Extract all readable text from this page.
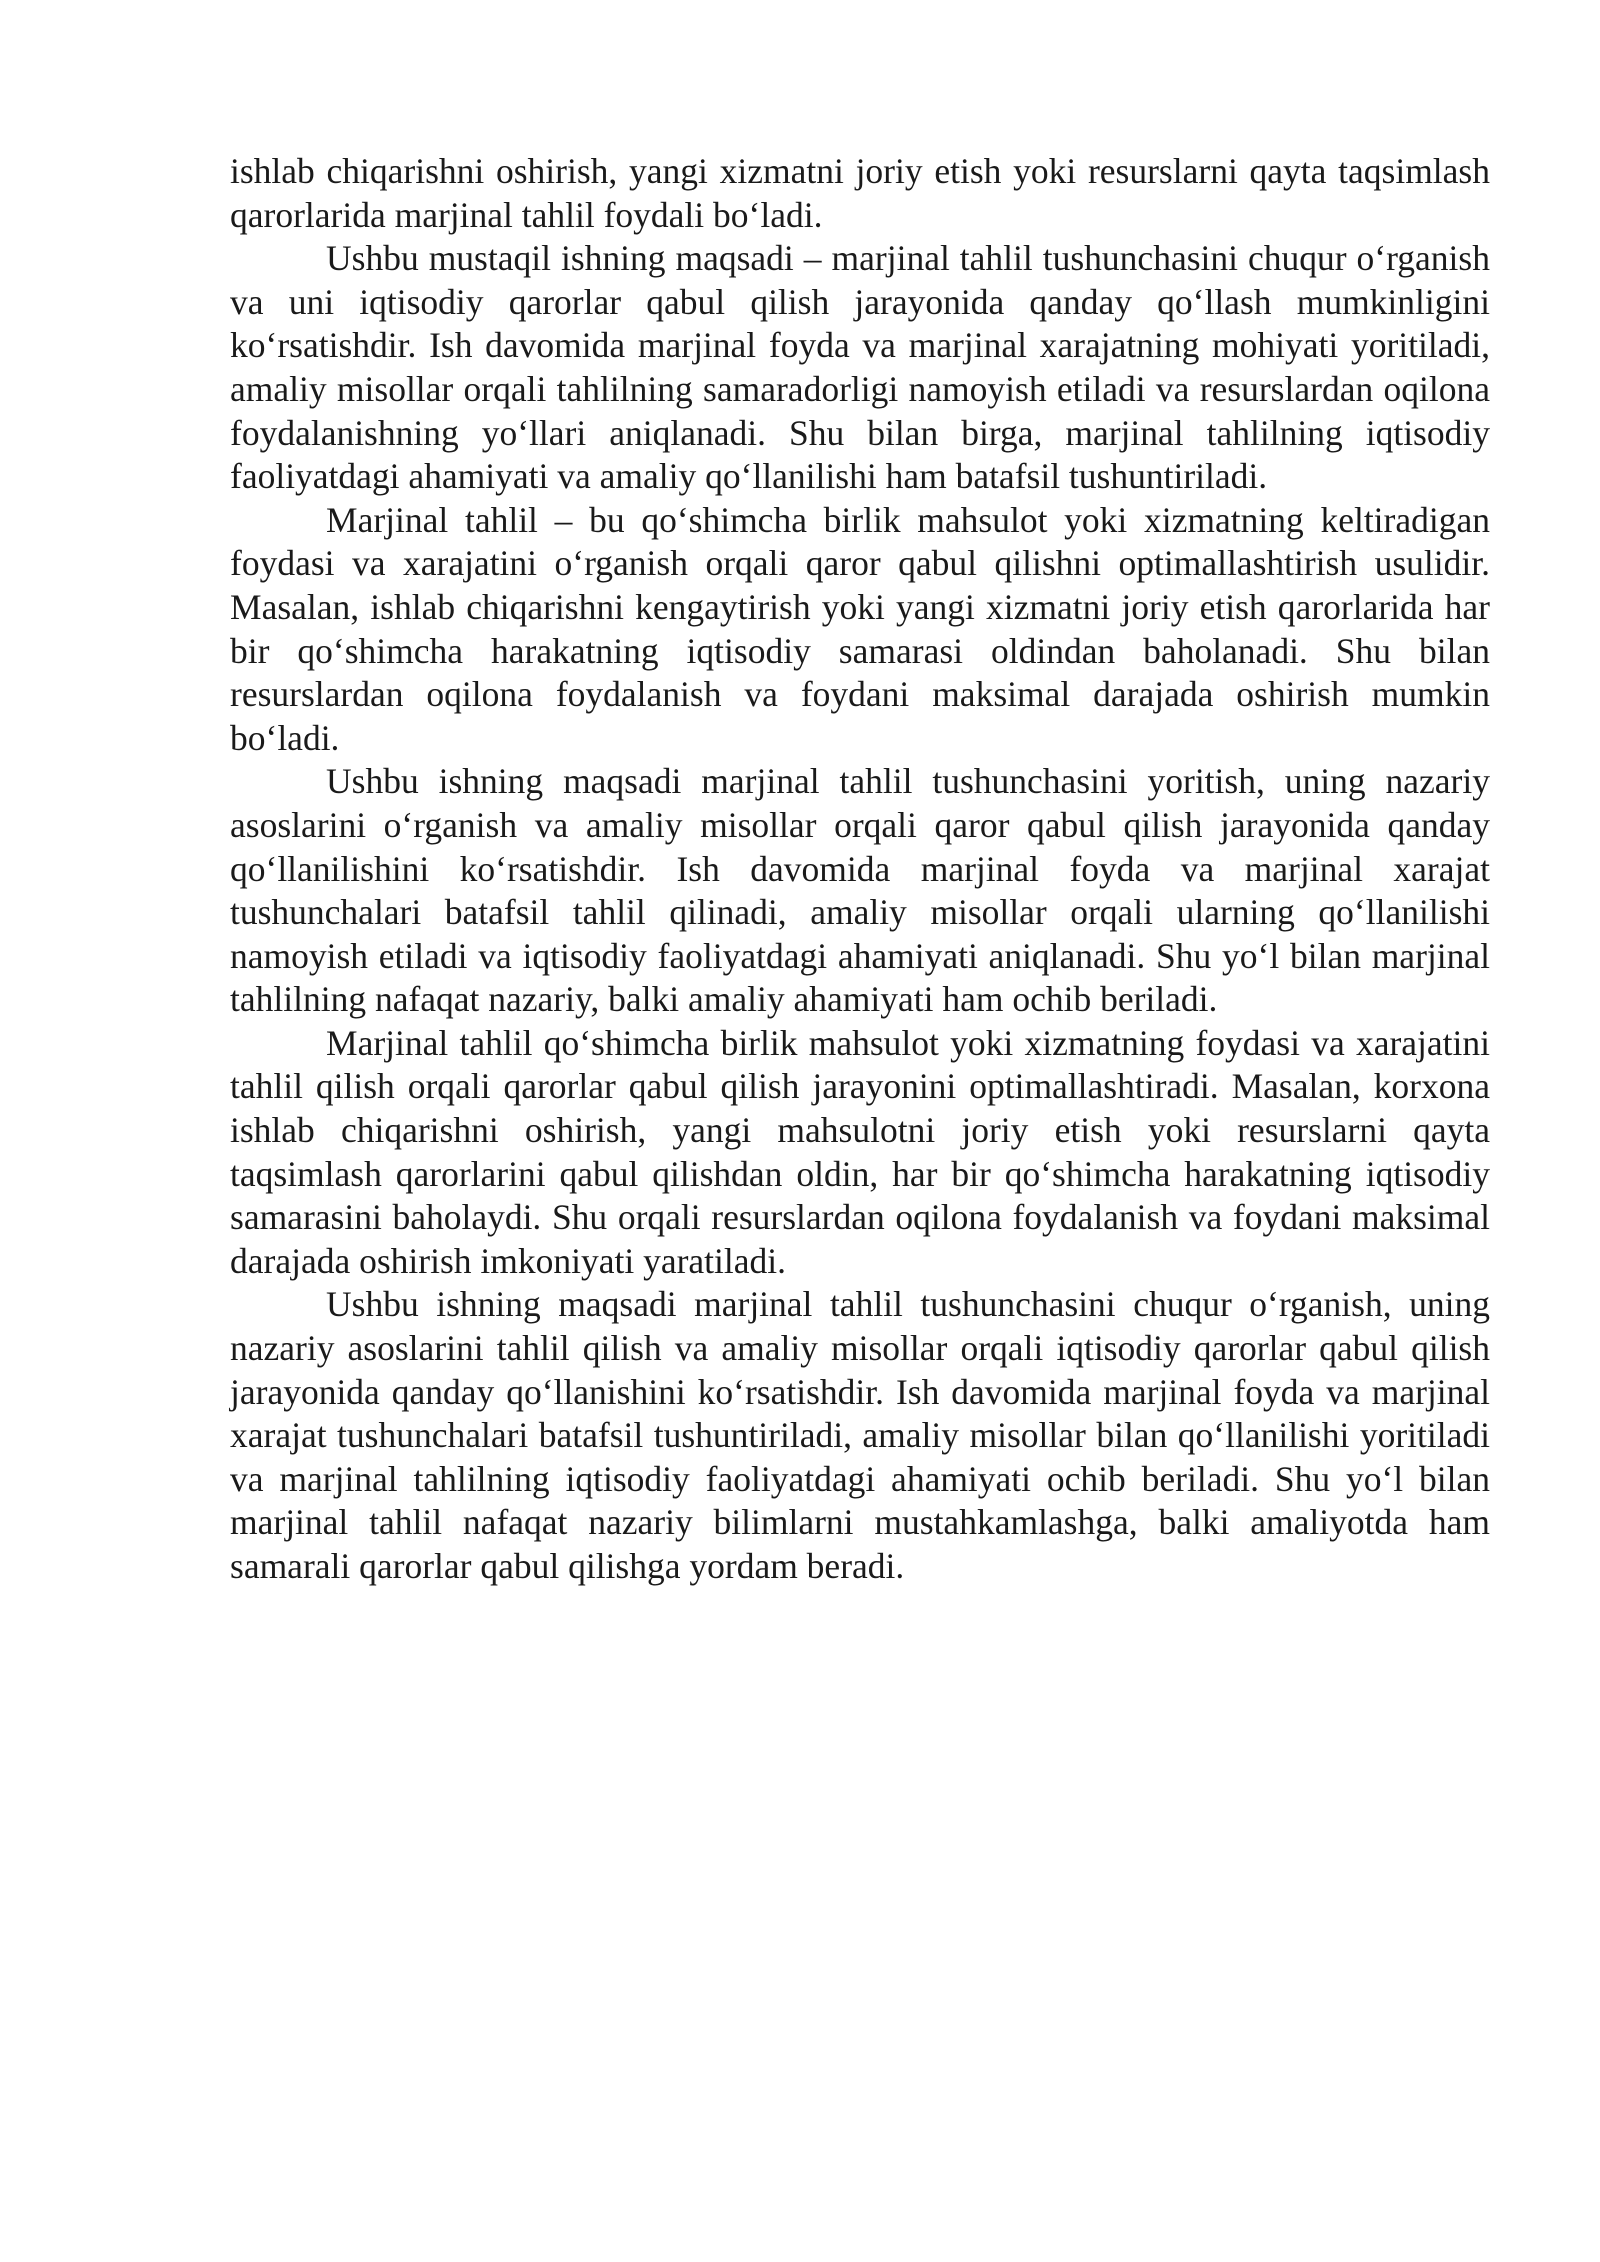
ishlab chiqarishni oshirish, yangi xizmatni joriy etish yoki resurslarni qayta taqsimlash qarorlarida marjinal tahlil foydali bo‘ladi.

Ushbu mustaqil ishning maqsadi – marjinal tahlil tushunchasini chuqur o‘rganish va uni iqtisodiy qarorlar qabul qilish jarayonida qanday qo‘llash mumkinligini ko‘rsatishdir. Ish davomida marjinal foyda va marjinal xarajatning mohiyati yoritiladi, amaliy misollar orqali tahlilning samaradorligi namoyish etiladi va resurslardan oqilona foydalanishning yo‘llari aniqlanadi. Shu bilan birga, marjinal tahlilning iqtisodiy faoliyatdagi ahamiyati va amaliy qo‘llanilishi ham batafsil tushuntiriladi.

Marjinal tahlil – bu qo‘shimcha birlik mahsulot yoki xizmatning keltiradigan foydasi va xarajatini o‘rganish orqali qaror qabul qilishni optimallashtirish usulidir. Masalan, ishlab chiqarishni kengaytirish yoki yangi xizmatni joriy etish qarorlarida har bir qo‘shimcha harakatning iqtisodiy samarasi oldindan baholanadi. Shu bilan resurslardan oqilona foydalanish va foydani maksimal darajada oshirish mumkin bo‘ladi.

Ushbu ishning maqsadi marjinal tahlil tushunchasini yoritish, uning nazariy asoslarini o‘rganish va amaliy misollar orqali qaror qabul qilish jarayonida qanday qo‘llanilishini ko‘rsatishdir. Ish davomida marjinal foyda va marjinal xarajat tushunchalari batafsil tahlil qilinadi, amaliy misollar orqali ularning qo‘llanilishi namoyish etiladi va iqtisodiy faoliyatdagi ahamiyati aniqlanadi. Shu yo‘l bilan marjinal tahlilning nafaqat nazariy, balki amaliy ahamiyati ham ochib beriladi.

Marjinal tahlil qo‘shimcha birlik mahsulot yoki xizmatning foydasi va xarajatini tahlil qilish orqali qarorlar qabul qilish jarayonini optimallashtiradi. Masalan, korxona ishlab chiqarishni oshirish, yangi mahsulotni joriy etish yoki resurslarni qayta taqsimlash qarorlarini qabul qilishdan oldin, har bir qo‘shimcha harakatning iqtisodiy samarasini baholaydi. Shu orqali resurslardan oqilona foydalanish va foydani maksimal darajada oshirish imkoniyati yaratiladi.

Ushbu ishning maqsadi marjinal tahlil tushunchasini chuqur o‘rganish, uning nazariy asoslarini tahlil qilish va amaliy misollar orqali iqtisodiy qarorlar qabul qilish jarayonida qanday qo‘llanishini ko‘rsatishdir. Ish davomida marjinal foyda va marjinal xarajat tushunchalari batafsil tushuntiriladi, amaliy misollar bilan qo‘llanilishi yoritiladi va marjinal tahlilning iqtisodiy faoliyatdagi ahamiyati ochib beriladi. Shu yo‘l bilan marjinal tahlil nafaqat nazariy bilimlarni mustahkamlashga, balki amaliyotda ham samarali qarorlar qabul qilishga yordam beradi.
